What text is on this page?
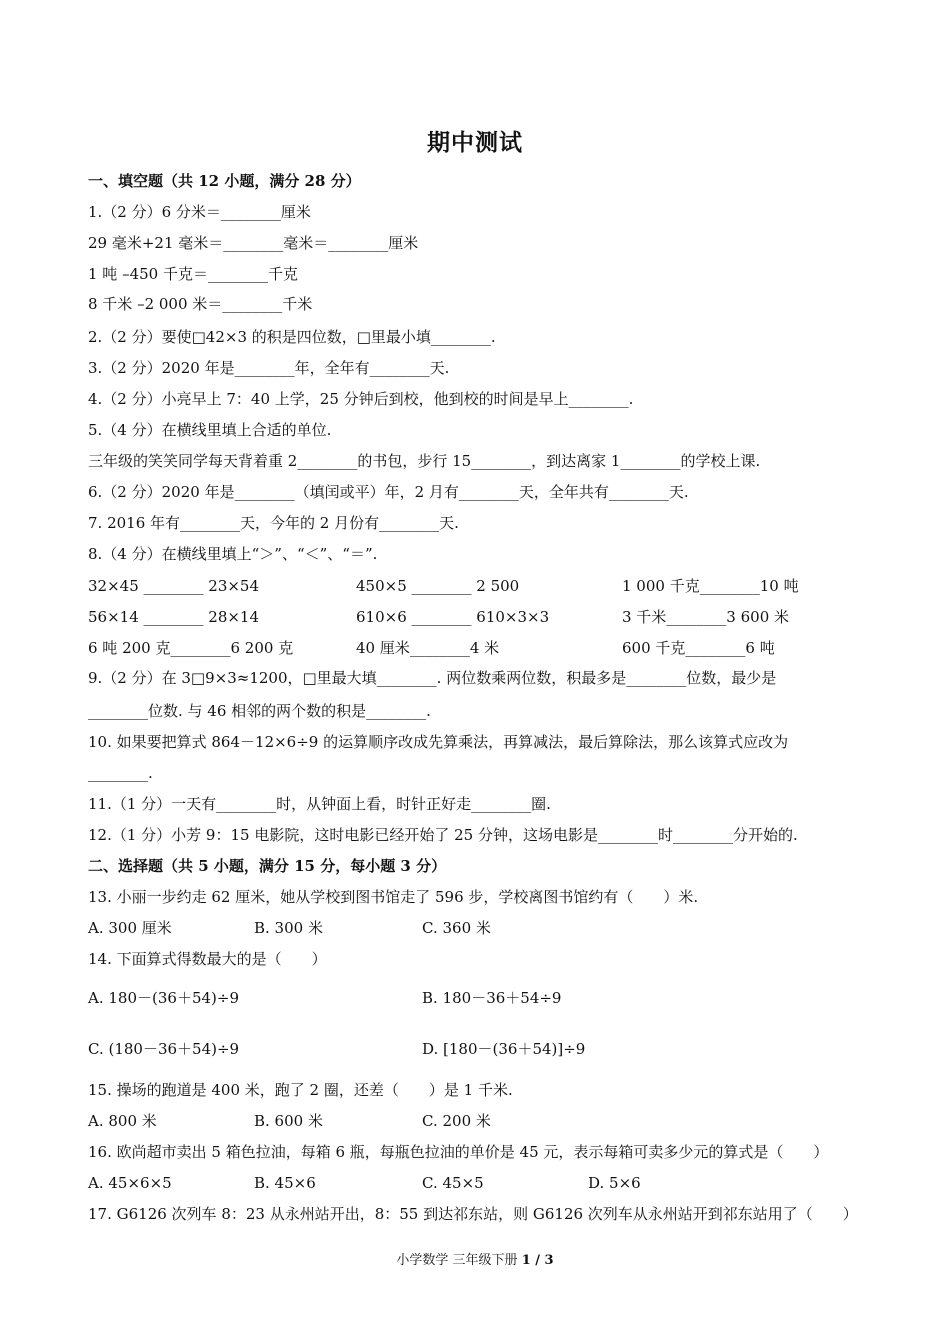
期中测试
一、填空题（共 12 小题，满分 28 分）
1.（2 分）6 分米＝________厘米
29 毫米+21 毫米＝________毫米＝________厘米
1 吨 –450 千克＝________千克
8 千米 –2 000 米＝________千米
2.（2 分）要使□42×3 的积是四位数，□里最小填________.
3.（2 分）2020 年是________年，全年有________天.
4.（2 分）小亮早上 7：40 上学，25 分钟后到校，他到校的时间是早上________.
5.（4 分）在横线里填上合适的单位.
三年级的笑笑同学每天背着重 2________的书包，步行 15________，到达离家 1________的学校上课.
6.（2 分）2020 年是________（填闰或平）年，2 月有________天，全年共有________天.
7. 2016 年有________天，今年的 2 月份有________天.
8.（4 分）在横线里填上“＞”、“＜”、“＝”.
32×45 ________ 23×54	450×5 ________ 2 500	1 000 千克________10 吨
56×14 ________ 28×14	610×6 ________ 610×3×3	3 千米________3 600 米
6 吨 200 克________6 200 克	40 厘米________4 米	600 千克________6 吨
9.（2 分）在 3□9×3≈1200，□里最大填________. 两位数乘两位数，积最多是________位数，最少是
________位数. 与 46 相邻的两个数的积是________.
10. 如果要把算式 864－12×6÷9 的运算顺序改成先算乘法，再算减法，最后算除法，那么该算式应改为
________.
11.（1 分）一天有________时，从钟面上看，时针正好走________圈.
12.（1 分）小芳 9：15 电影院，这时电影已经开始了 25 分钟，这场电影是________时________分开始的.
二、选择题（共 5 小题，满分 15 分，每小题 3 分）
13. 小丽一步约走 62 厘米，她从学校到图书馆走了 596 步，学校离图书馆约有（　　）米.
A. 300 厘米	B. 300 米	C. 360 米
14. 下面算式得数最大的是（　　）
A. 180－(36＋54)÷9	B. 180－36＋54÷9
C. (180－36＋54)÷9	D. [180－(36＋54)]÷9
15. 操场的跑道是 400 米，跑了 2 圈，还差（　　）是 1 千米.
A. 800 米	B. 600 米	C. 200 米
16. 欧尚超市卖出 5 箱色拉油，每箱 6 瓶，每瓶色拉油的单价是 45 元，表示每箱可卖多少元的算式是（　　）
A. 45×6×5	B. 45×6	C. 45×5	D. 5×6
17. G6126 次列车 8：23 从永州站开出，8：55 到达祁东站，则 G6126 次列车从永州站开到祁东站用了（　　）
小学数学 三年级下册 1 / 3
